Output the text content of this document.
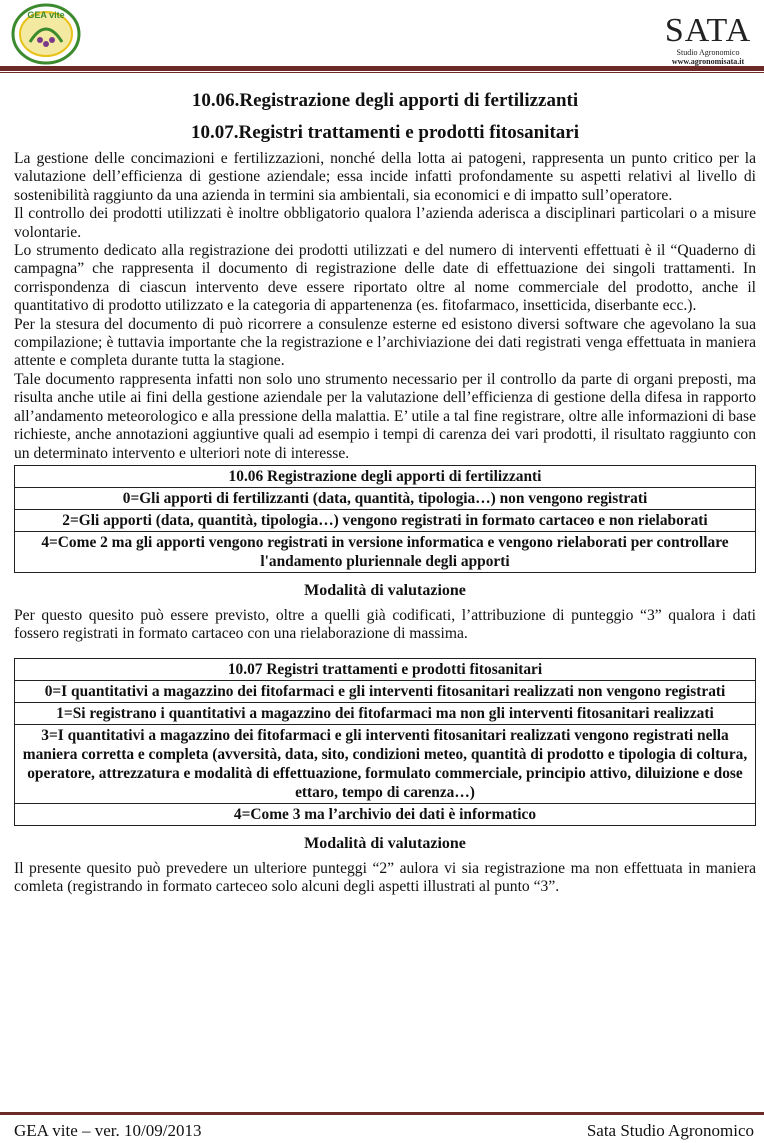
GEA vite	SATA
Studio Agronomico
www.agronomisata.it
10.06.Registrazione degli apporti di fertilizzanti
10.07.Registri trattamenti e prodotti fitosanitari

La gestione delle concimazioni e fertilizzazioni, nonché della lotta ai patogeni, rappresenta un punto critico per la valutazione dell’efficienza di gestione aziendale; essa incide infatti profondamente su aspetti relativi al livello di sostenibilità raggiunto da una azienda in termini sia ambientali, sia economici e di impatto sull’operatore.

Il controllo dei prodotti utilizzati è inoltre obbligatorio qualora l’azienda aderisca a disciplinari particolari o a misure volontarie.

Lo strumento dedicato alla registrazione dei prodotti utilizzati e del numero di interventi effettuati è il “Quaderno di campagna” che rappresenta il documento di registrazione delle date di effettuazione dei singoli trattamenti. In corrispondenza di ciascun intervento deve essere riportato oltre al nome commerciale del prodotto, anche il quantitativo di prodotto utilizzato e la categoria di appartenenza (es. fitofarmaco, insetticida, diserbante ecc.).

Per la stesura del documento di può ricorrere a consulenze esterne ed esistono diversi software che agevolano la sua compilazione; è tuttavia importante che la registrazione e l’archiviazione dei dati registrati venga effettuata in maniera attente e completa durante tutta la stagione.

Tale documento rappresenta infatti non solo uno strumento necessario per il controllo da parte di organi preposti, ma risulta anche utile ai fini della gestione aziendale per la valutazione dell’efficienza di gestione della difesa in rapporto all’andamento meteorologico e alla pressione della malattia. E’ utile a tal fine registrare, oltre alle informazioni di base richieste, anche annotazioni aggiuntive quali ad esempio i tempi di carenza dei vari prodotti, il risultato raggiunto con un determinato intervento e ulteriori note di interesse.

10.06 Registrazione degli apporti di fertilizzanti
0=Gli apporti di fertilizzanti (data, quantità, tipologia…) non vengono registrati
2=Gli apporti (data, quantità, tipologia…) vengono registrati in formato cartaceo e non rielaborati
4=Come 2 ma gli apporti vengono registrati in versione informatica e vengono rielaborati per controllare l'andamento pluriennale degli apporti
Modalità di valutazione

Per questo quesito può essere previsto, oltre a quelli già codificati, l’attribuzione di punteggio “3” qualora i dati fossero registrati in formato cartaceo con una rielaborazione di massima.

10.07 Registri trattamenti e prodotti fitosanitari
0=I quantitativi a magazzino dei fitofarmaci e gli interventi fitosanitari realizzati non vengono registrati
1=Si registrano i quantitativi a magazzino dei fitofarmaci ma non gli interventi fitosanitari realizzati
3=I quantitativi a magazzino dei fitofarmaci e gli interventi fitosanitari realizzati vengono registrati nella maniera corretta e completa (avversità, data, sito, condizioni meteo, quantità di prodotto e tipologia di coltura, operatore, attrezzatura e modalità di effettuazione, formulato commerciale, principio attivo, diluizione e dose ettaro, tempo di carenza…)
4=Come 3 ma l’archivio dei dati è informatico
Modalità di valutazione

Il presente quesito può prevedere un ulteriore punteggi “2” aulora vi sia registrazione ma non effettuata in maniera comleta (registrando in formato carteceo solo alcuni degli aspetti illustrati al punto “3”.

GEA vite – ver. 10/09/2013	Sata Studio Agronomico
